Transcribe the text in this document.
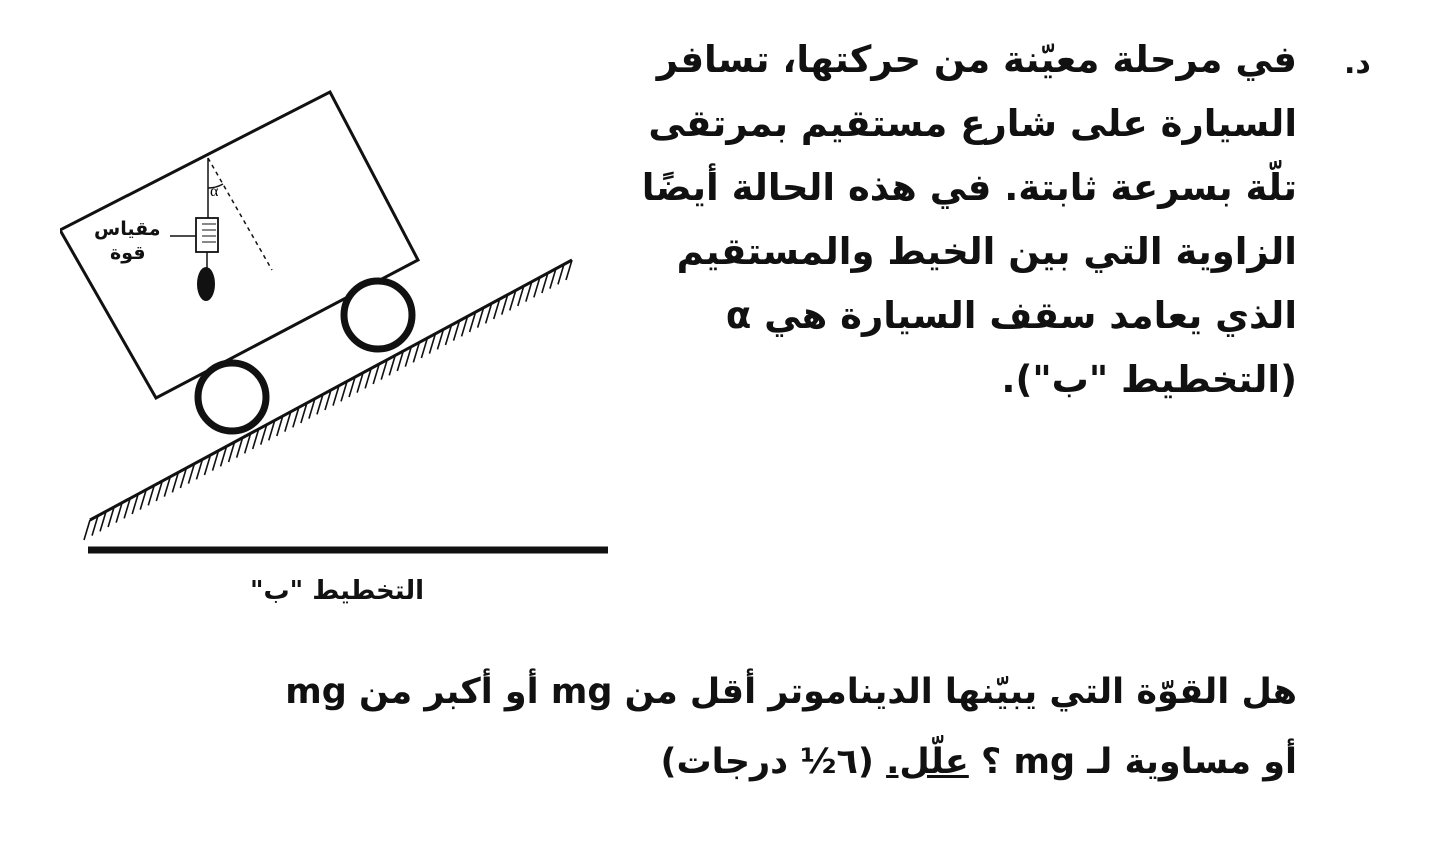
د.
في مرحلة معيّنة من حركتها، تسافر
السيارة على شارع مستقيم بمرتقى
تلّة بسرعة ثابتة. في هذه الحالة أيضًا
الزاوية التي بين الخيط والمستقيم
الذي يعامد سقف السيارة هي α
(التخطيط "ب").
α
مقياس
قوة
التخطيط "ب"
هل القوّة التي يبيّنها الديناموتر أقل من mg أو أكبر من mg
أو مساوية لـ mg ؟ علّل. (٦½ درجات)
